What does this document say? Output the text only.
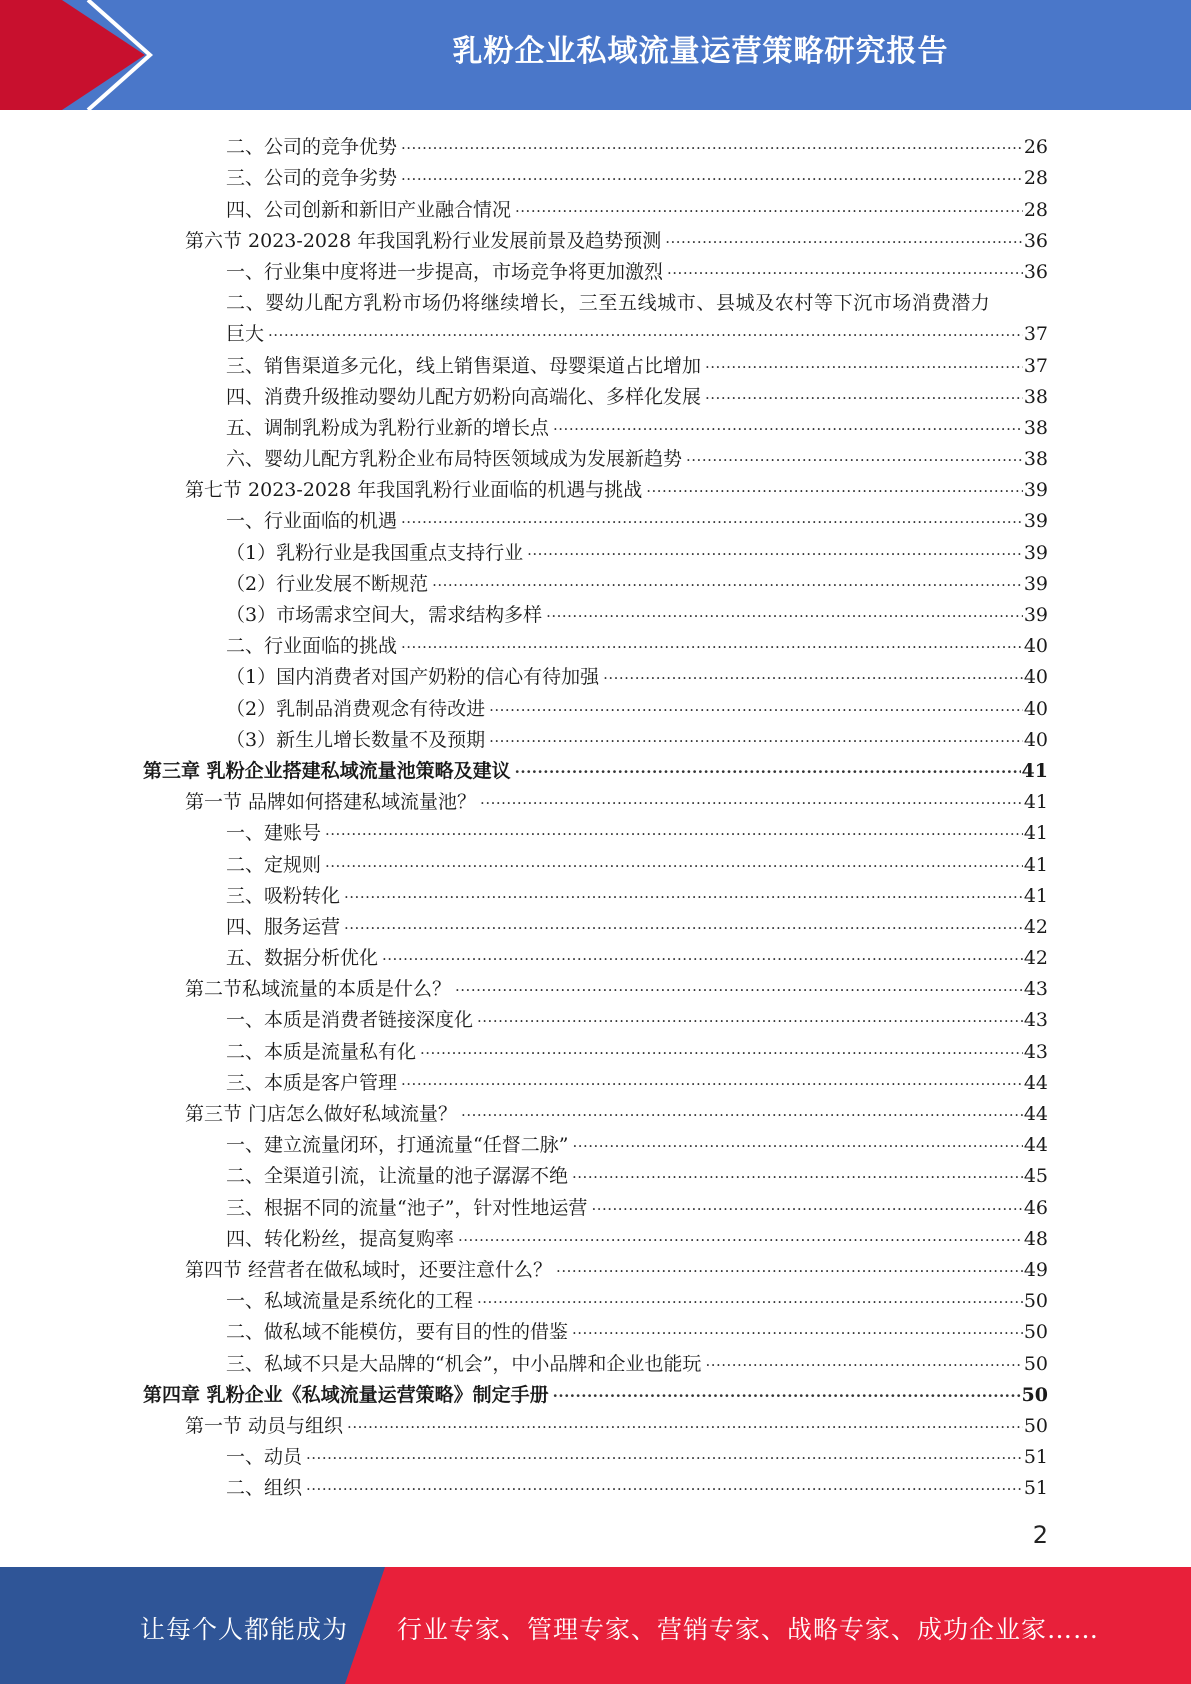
乳粉企业私域流量运营策略研究报告
二、公司的竞争优势 .....	26
三、公司的竞争劣势 .....	28
四、公司创新和新旧产业融合情况 .....	28
第六节 2023-2028 年我国乳粉行业发展前景及趋势预测 .....	36
一、行业集中度将进一步提高，市场竞争将更加激烈 .....	36
二、婴幼儿配方乳粉市场仍将继续增长，三至五线城市、县城及农村等下沉市场消费潜力
巨大 .....	37
三、销售渠道多元化，线上销售渠道、母婴渠道占比增加 .....	37
四、消费升级推动婴幼儿配方奶粉向高端化、多样化发展 .....	38
五、调制乳粉成为乳粉行业新的增长点 .....	38
六、婴幼儿配方乳粉企业布局特医领域成为发展新趋势 .....	38
第七节 2023-2028 年我国乳粉行业面临的机遇与挑战 .....	39
一、行业面临的机遇 .....	39
（1）乳粉行业是我国重点支持行业 .....	39
（2）行业发展不断规范 .....	39
（3）市场需求空间大，需求结构多样 .....	39
二、行业面临的挑战 .....	40
（1）国内消费者对国产奶粉的信心有待加强 .....	40
（2）乳制品消费观念有待改进 .....	40
（3）新生儿增长数量不及预期 .....	40
第三章 乳粉企业搭建私域流量池策略及建议 .....	41
第一节 品牌如何搭建私域流量池？ .....	41
一、建账号 .....	41
二、定规则 .....	41
三、吸粉转化 .....	41
四、服务运营 .....	42
五、数据分析优化 .....	42
第二节私域流量的本质是什么？ .....	43
一、本质是消费者链接深度化 .....	43
二、本质是流量私有化 .....	43
三、本质是客户管理 .....	44
第三节 门店怎么做好私域流量？ .....	44
一、建立流量闭环，打通流量“任督二脉” .....	44
二、全渠道引流，让流量的池子潺潺不绝 .....	45
三、根据不同的流量“池子”，针对性地运营 .....	46
四、转化粉丝，提高复购率 .....	48
第四节 经营者在做私域时，还要注意什么？ .....	49
一、私域流量是系统化的工程 .....	50
二、做私域不能模仿，要有目的性的借鉴 .....	50
三、私域不只是大品牌的“机会”，中小品牌和企业也能玩 .....	50
第四章 乳粉企业《私域流量运营策略》制定手册 .....	50
第一节 动员与组织 .....	50
一、动员 .....	51
二、组织 .....	51
2
让每个人都能成为 行业专家、管理专家、营销专家、战略专家、成功企业家……
